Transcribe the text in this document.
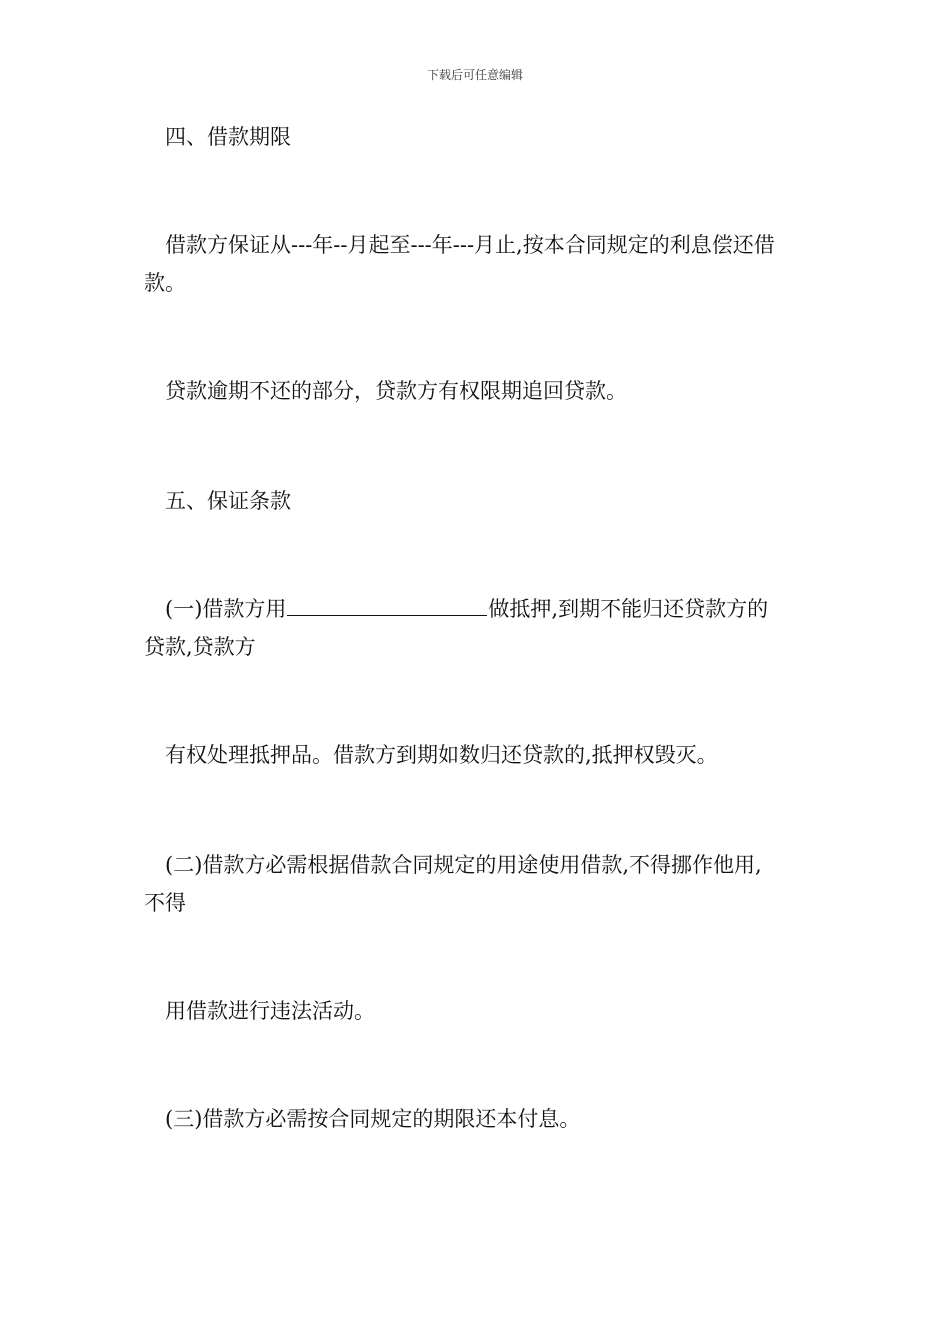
下载后可任意编辑
四、借款期限
借款方保证从---年--月起至---年---月止,按本合同规定的利息偿还借
款。
贷款逾期不还的部分，贷款方有权限期追回贷款。
五、保证条款
(一)借款方用	做抵押,到期不能归还贷款方的
贷款,贷款方
有权处理抵押品。借款方到期如数归还贷款的,抵押权毁灭。
(二)借款方必需根据借款合同规定的用途使用借款,不得挪作他用,
不得
用借款进行违法活动。
(三)借款方必需按合同规定的期限还本付息。
